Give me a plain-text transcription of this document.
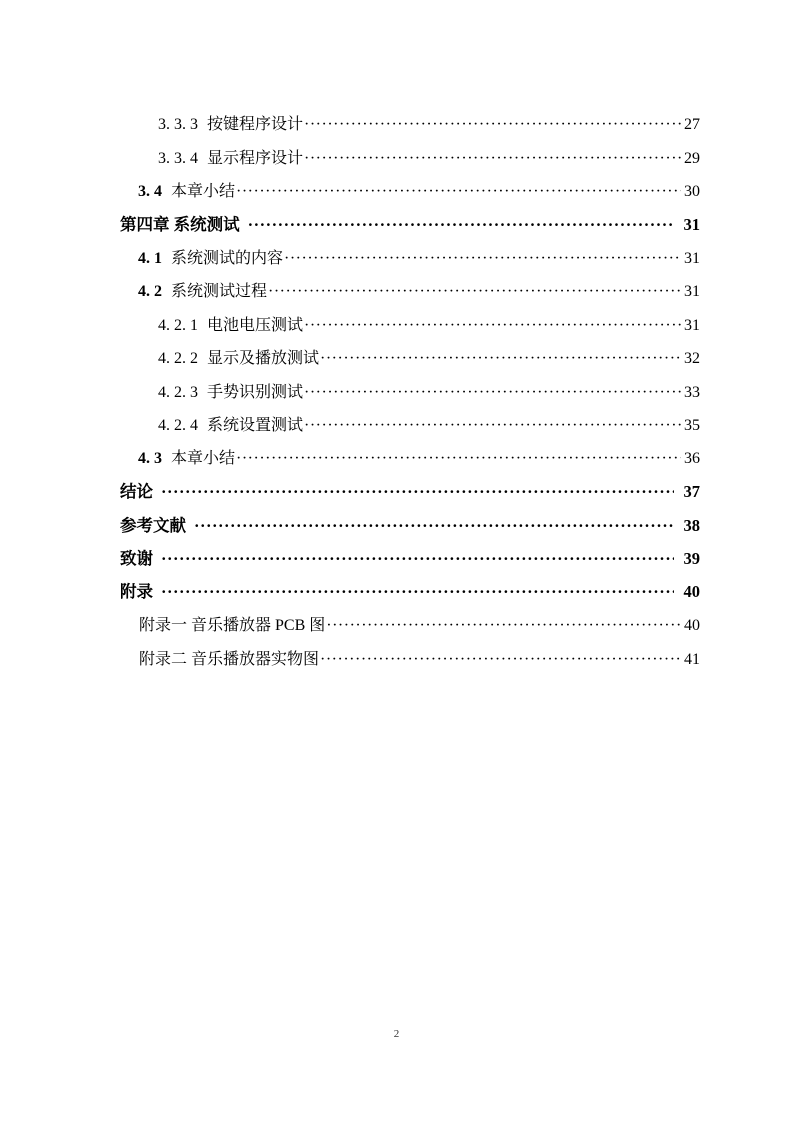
3. 3. 3 按键程序设计 ·····	27
3. 3. 4 显示程序设计 ·····	29
3. 4 本章小结 ·····	30
第四章 系统测试 ·····	31
4. 1 系统测试的内容 ·····	31
4. 2 系统测试过程 ·····	31
4. 2. 1 电池电压测试 ·····	31
4. 2. 2 显示及播放测试 ·····	32
4. 2. 3 手势识别测试 ·····	33
4. 2. 4 系统设置测试 ·····	35
4. 3 本章小结 ·····	36
结论 ·····	37
参考文献 ·····	38
致谢 ·····	39
附录 ·····	40
附录一 音乐播放器 PCB 图 ·····	40
附录二 音乐播放器实物图 ·····	41
2
